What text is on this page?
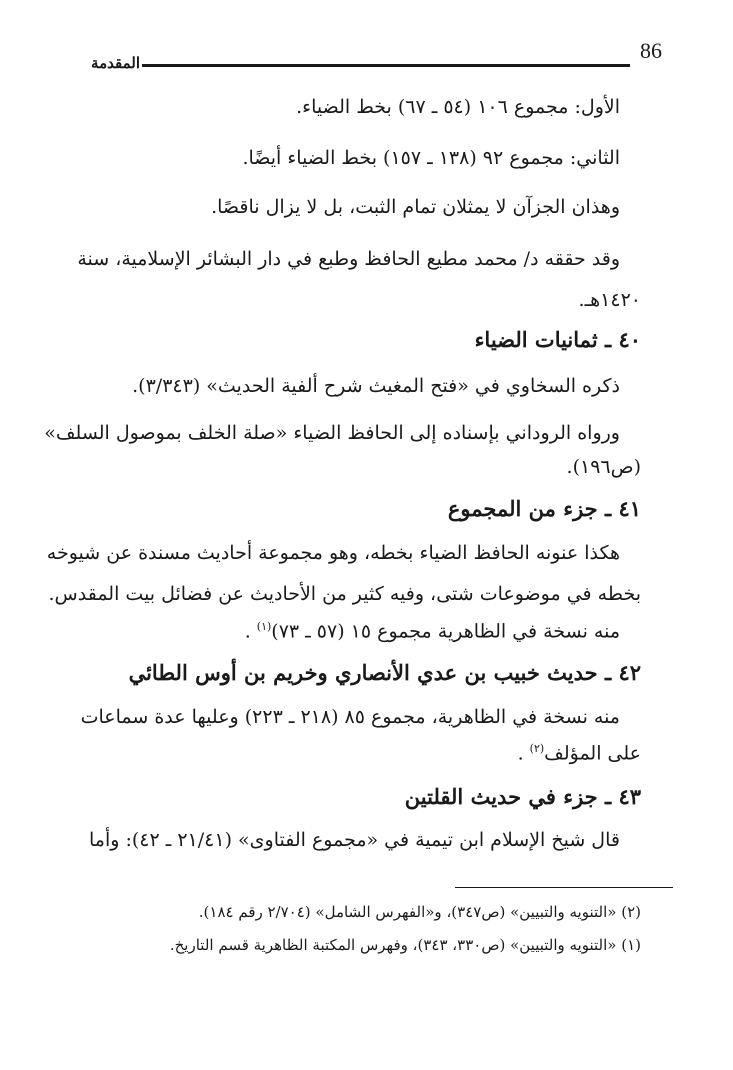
86
المقدمة
الأول: مجموع ١٠٦ (٥٤ ـ ٦٧) بخط الضياء.
الثاني: مجموع ٩٢ (١٣٨ ـ ١٥٧) بخط الضياء أيضًا.
وهذان الجزآن لا يمثلان تمام الثبت، بل لا يزال ناقصًا.
وقد حققه د/ محمد مطيع الحافظ وطبع في دار البشائر الإسلامية، سنة
١٤٢٠هـ.
٤٠ ـ ثمانيات الضياء
ذكره السخاوي في «فتح المغيث شرح ألفية الحديث» (٣/٣٤٣).
ورواه الروداني بإسناده إلى الحافظ الضياء «صلة الخلف بموصول السلف»
(ص١٩٦).
٤١ ـ جزء من المجموع
هكذا عنونه الحافظ الضياء بخطه، وهو مجموعة أحاديث مسندة عن شيوخه
بخطه في موضوعات شتى، وفيه كثير من الأحاديث عن فضائل بيت المقدس.
منه نسخة في الظاهرية مجموع ١٥ (٥٧ ـ ٧٣)$^{(١)}$ .
٤٢ ـ حديث خبيب بن عدي الأنصاري وخريم بن أوس الطائي
منه نسخة في الظاهرية، مجموع ٨٥ (٢١٨ ـ ٢٢٣) وعليها عدة سماعات
على المؤلف$^{(٢)}$ .
٤٣ ـ جزء في حديث القلتين
قال شيخ الإسلام ابن تيمية في «مجموع الفتاوى» (٢١/٤١ ـ ٤٢): وأما
(٢) «التنويه والتبيين» (ص٣٤٧)، و«الفهرس الشامل» (٢/٧٠٤ رقم ١٨٤).
(١) «التنويه والتبيين» (ص٣٣٠، ٣٤٣)، وفهرس المكتبة الظاهرية قسم التاريخ.
